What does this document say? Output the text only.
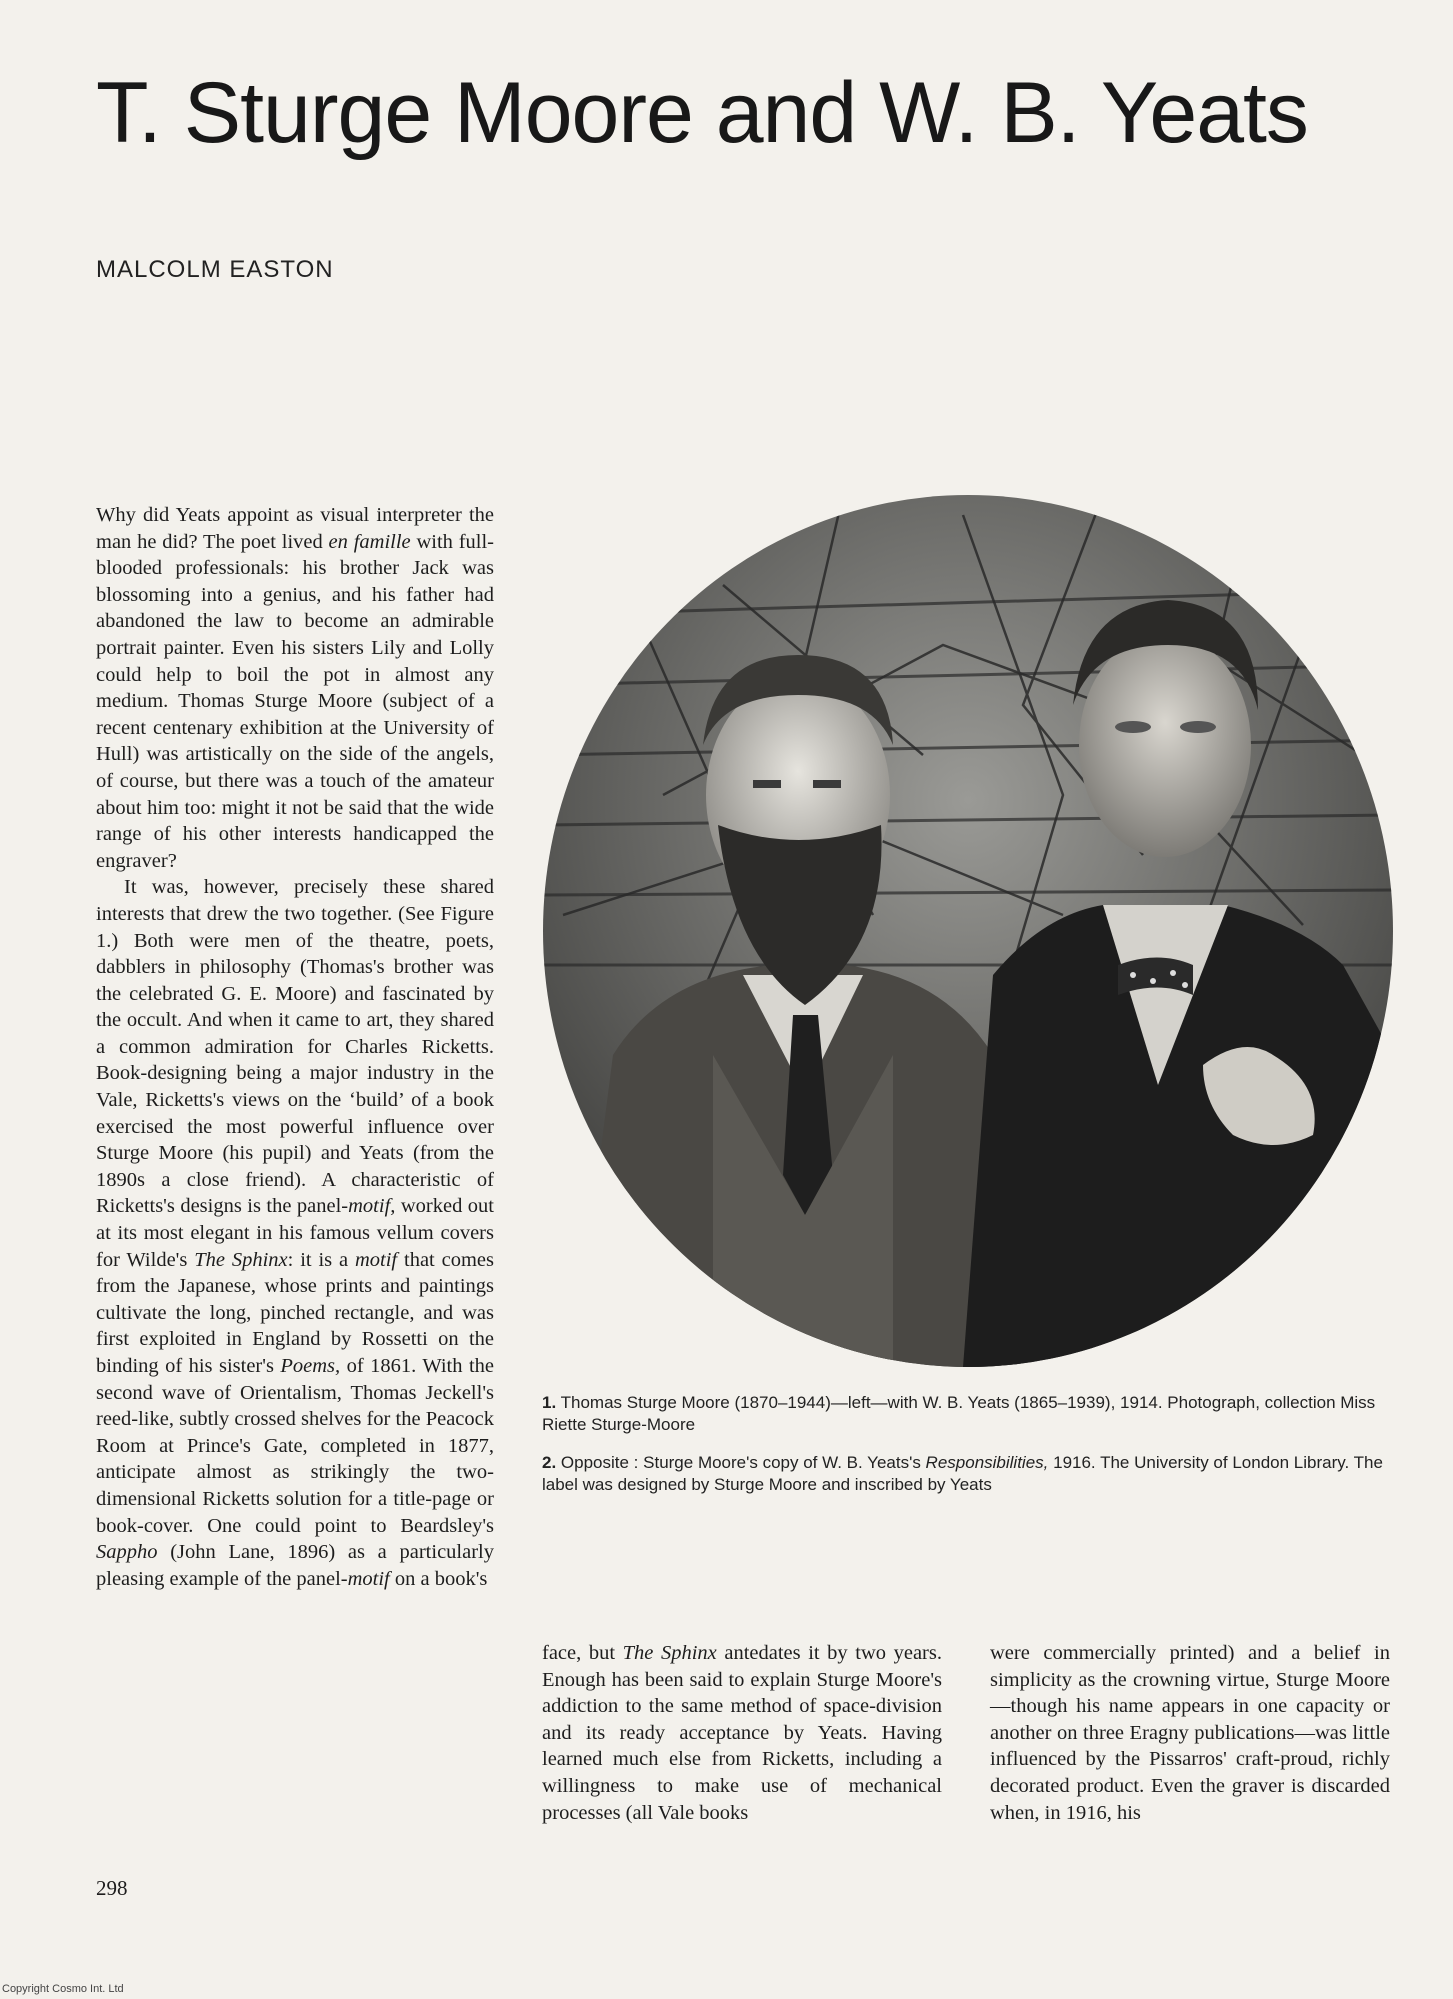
T. Sturge Moore and W. B. Yeats
MALCOLM EASTON

Why did Yeats appoint as visual interpreter the man he did? The poet lived en famille with full-blooded professionals: his brother Jack was blossoming into a genius, and his father had abandoned the law to become an admirable portrait painter. Even his sisters Lily and Lolly could help to boil the pot in almost any medium. Thomas Sturge Moore (subject of a recent centenary exhibition at the University of Hull) was artistically on the side of the angels, of course, but there was a touch of the amateur about him too: might it not be said that the wide range of his other interests handicapped the engraver?

It was, however, precisely these shared interests that drew the two together. (See Figure 1.) Both were men of the theatre, poets, dabblers in philosophy (Thomas's brother was the celebrated G. E. Moore) and fascinated by the occult. And when it came to art, they shared a common admiration for Charles Ricketts. Book-designing being a major industry in the Vale, Ricketts's views on the ‘build’ of a book exercised the most powerful influence over Sturge Moore (his pupil) and Yeats (from the 1890s a close friend). A characteristic of Ricketts's designs is the panel-motif, worked out at its most elegant in his famous vellum covers for Wilde's The Sphinx: it is a motif that comes from the Japanese, whose prints and paintings cultivate the long, pinched rectangle, and was first exploited in England by Rossetti on the binding of his sister's Poems, of 1861. With the second wave of Orientalism, Thomas Jeckell's reed-like, subtly crossed shelves for the Peacock Room at Prince's Gate, completed in 1877, anticipate almost as strikingly the two-dimensional Ricketts solution for a title-page or book-cover. One could point to Beardsley's Sappho (John Lane, 1896) as a particularly pleasing example of the panel-motif on a book's

1. Thomas Sturge Moore (1870–1944)—left—with W. B. Yeats (1865–1939), 1914. Photograph, collection Miss Riette Sturge-Moore
2. Opposite : Sturge Moore's copy of W. B. Yeats's Responsibilities, 1916. The University of London Library. The label was designed by Sturge Moore and inscribed by Yeats

face, but The Sphinx antedates it by two years. Enough has been said to explain Sturge Moore's addiction to the same method of space-division and its ready acceptance by Yeats. Having learned much else from Ricketts, including a willingness to make use of mechanical processes (all Vale books

were commercially printed) and a belief in simplicity as the crowning virtue, Sturge Moore—though his name appears in one capacity or another on three Eragny publications—was little influenced by the Pissarros' craft-proud, richly decorated product. Even the graver is discarded when, in 1916, his

298
Copyright Cosmo Int. Ltd
